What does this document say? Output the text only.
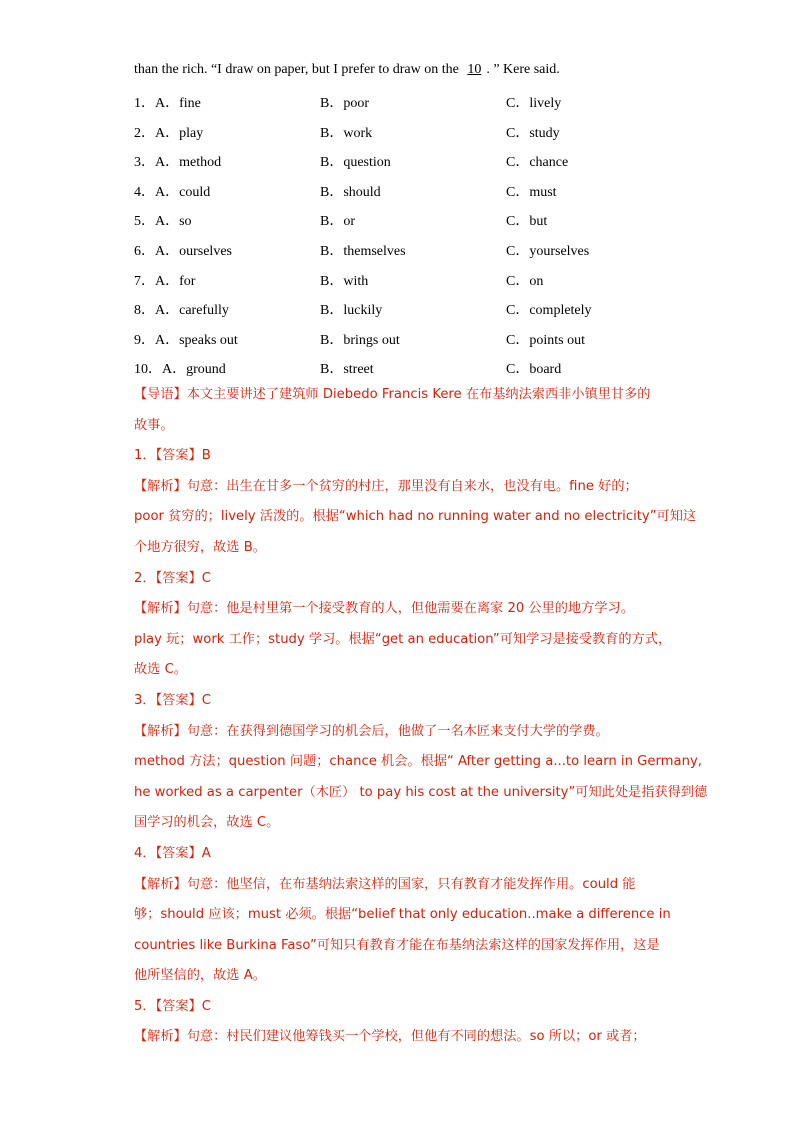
than the rich. “I draw on paper, but I prefer to draw on the 10 . ” Kere said.
1．A．fine	B．poor	C．lively
2．A．play	B．work	C．study
3．A．method	B．question	C．chance
4．A．could	B．should	C．must
5．A．so	B．or	C．but
6．A．ourselves	B．themselves	C．yourselves
7．A．for	B．with	C．on
8．A．carefully	B．luckily	C．completely
9．A．speaks out	B．brings out	C．points out
10．A．ground	B．street	C．board

【导语】本文主要讲述了建筑师 Diebedo Francis Kere 在布基纳法索西非小镇里甘多的

故事。

1．【答案】B

【解析】句意：出生在甘多一个贫穷的村庄，那里没有自来水，也没有电。fine 好的；

poor 贫穷的；lively 活泼的。根据“which had no running water and no electricity”可知这

个地方很穷，故选 B。

2．【答案】C

【解析】句意：他是村里第一个接受教育的人，但他需要在离家 20 公里的地方学习。

play 玩；work 工作；study 学习。根据“get an education”可知学习是接受教育的方式，

故选 C。

3．【答案】C

【解析】句意：在获得到德国学习的机会后，他做了一名木匠来支付大学的学费。

method 方法；question 问题；chance 机会。根据“ After getting a...to learn in Germany,

he worked as a carpenter（木匠） to pay his cost at the university”可知此处是指获得到德

国学习的机会，故选 C。

4．【答案】A

【解析】句意：他坚信，在布基纳法索这样的国家，只有教育才能发挥作用。could 能

够；should 应该；must 必须。根据“belief that only education..make a difference in

countries like Burkina Faso”可知只有教育才能在布基纳法索这样的国家发挥作用，这是

他所坚信的，故选 A。

5．【答案】C

【解析】句意：村民们建议他筹钱买一个学校，但他有不同的想法。so 所以；or 或者；
